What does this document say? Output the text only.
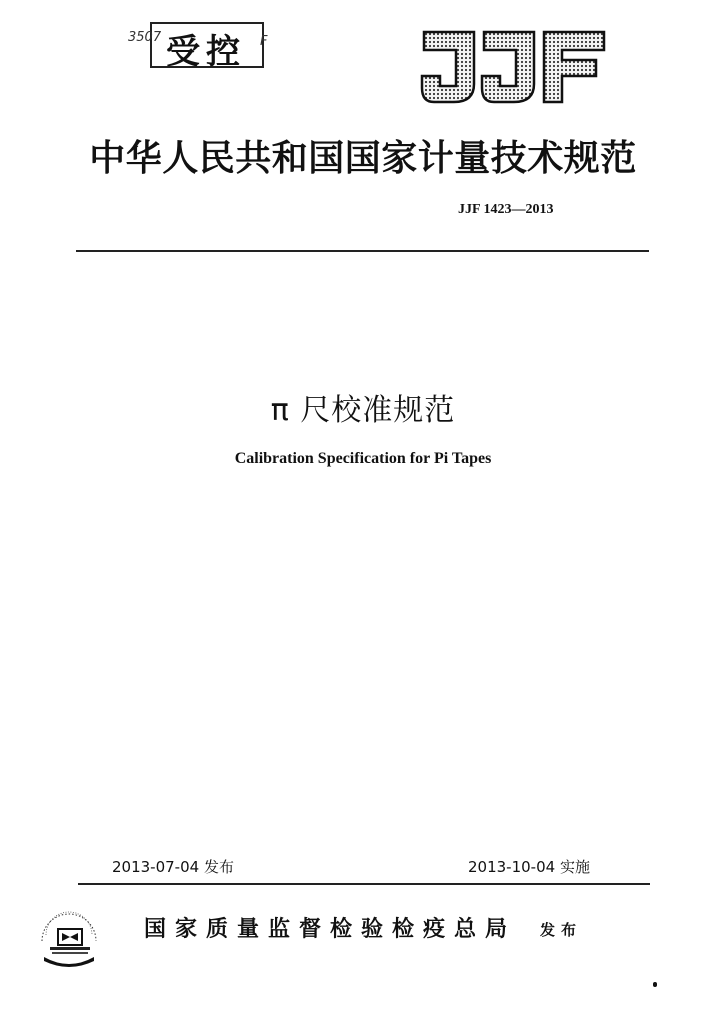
3507 受控 F
中华人民共和国国家计量技术规范
JJF 1423—2013
π 尺校准规范
Calibration Specification for Pi Tapes
2013-07-04 发布	2013-10-04 实施
国家质量监督检验检疫总局 发布
